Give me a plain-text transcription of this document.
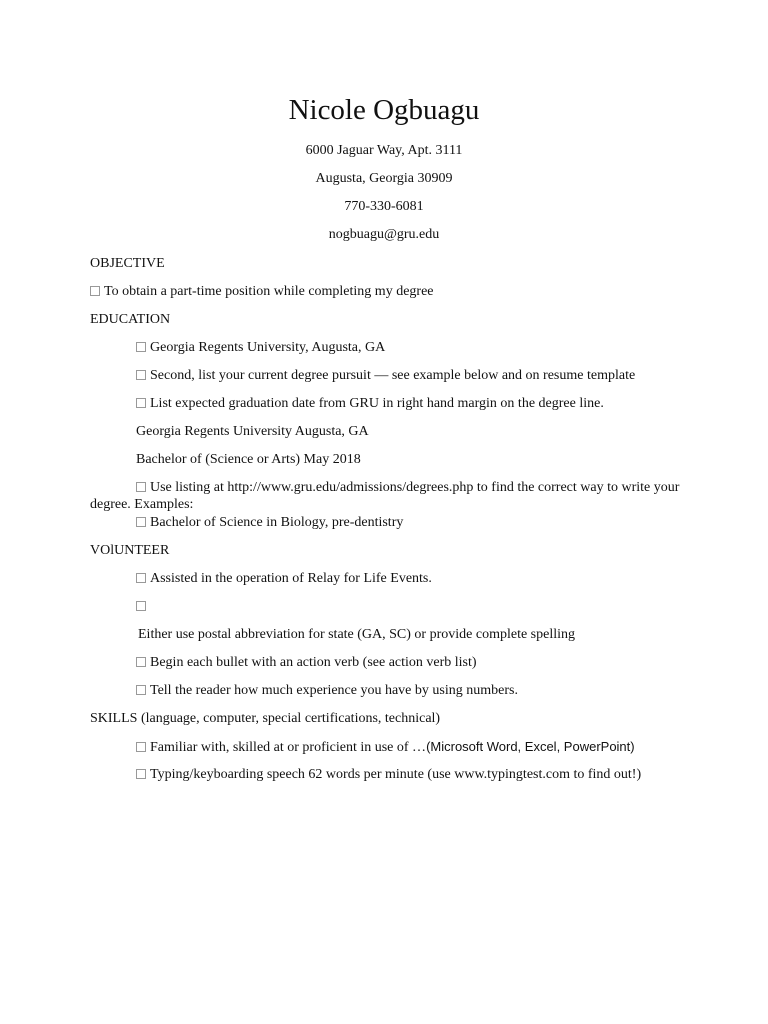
Nicole Ogbuagu
6000 Jaguar Way, Apt. 3111
Augusta, Georgia 30909
770-330-6081
nogbuagu@gru.edu
OBJECTIVE
To obtain a part-time position while completing my degree
EDUCATION
Georgia Regents University, Augusta, GA
Second, list your current degree pursuit — see example below and on resume template
List expected graduation date from GRU in right hand margin on the degree line.
Georgia Regents University Augusta, GA
Bachelor of (Science or Arts) May 2018
Use listing at http://www.gru.edu/admissions/degrees.php to find the correct way to write your
degree. Examples:
Bachelor of Science in Biology, pre-dentistry
VOlUNTEER
Assisted in the operation of Relay for Life Events.
Either use postal abbreviation for state (GA, SC) or provide complete spelling
Begin each bullet with an action verb (see action verb list)
Tell the reader how much experience you have by using numbers.
SKILLS (language, computer, special certifications, technical)
Familiar with, skilled at or proficient in use of …(Microsoft Word, Excel, PowerPoint)
Typing/keyboarding speech 62 words per minute (use www.typingtest.com to find out!)
